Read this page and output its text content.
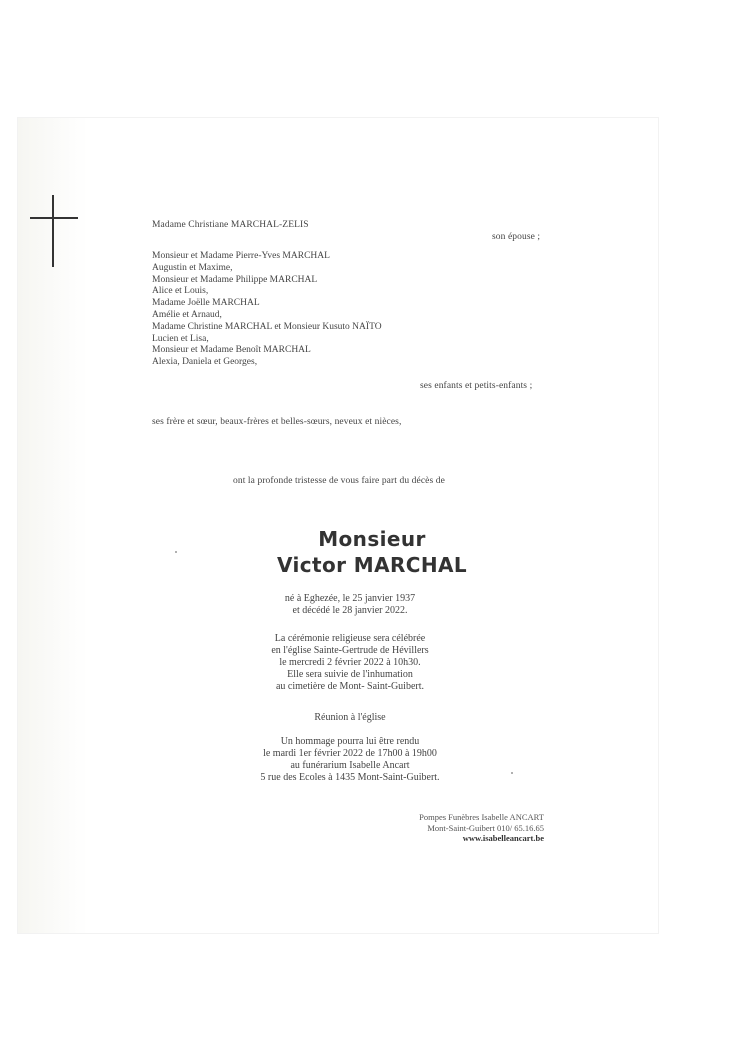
Madame Christiane MARCHAL-ZELIS
son épouse ;
Monsieur et Madame Pierre-Yves MARCHAL
Augustin et Maxime,
Monsieur et Madame Philippe MARCHAL
Alice et Louis,
Madame Joëlle MARCHAL
Amélie et Arnaud,
Madame Christine MARCHAL et Monsieur Kusuto NAÏTO
Lucien et Lisa,
Monsieur et Madame Benoît MARCHAL
Alexia, Daniela et Georges,
ses enfants et petits-enfants ;
ses frère et sœur, beaux-frères et belles-sœurs, neveux et nièces,
ont la profonde tristesse de vous faire part du décès de
Monsieur
Victor MARCHAL
né à Eghezée, le 25 janvier 1937
et décédé le 28 janvier 2022.
La cérémonie religieuse sera célébrée
en l'église Sainte-Gertrude de Hévillers
le mercredi 2 février 2022 à 10h30.
Elle sera suivie de l'inhumation
au cimetière de Mont- Saint-Guibert.
Réunion à l'église
Un hommage pourra lui être rendu
le mardi 1er février 2022 de 17h00 à 19h00
au funérarium Isabelle Ancart
5 rue des Ecoles à 1435 Mont-Saint-Guibert.
Pompes Funèbres Isabelle ANCART
Mont-Saint-Guibert 010/ 65.16.65
www.isabelleancart.be
